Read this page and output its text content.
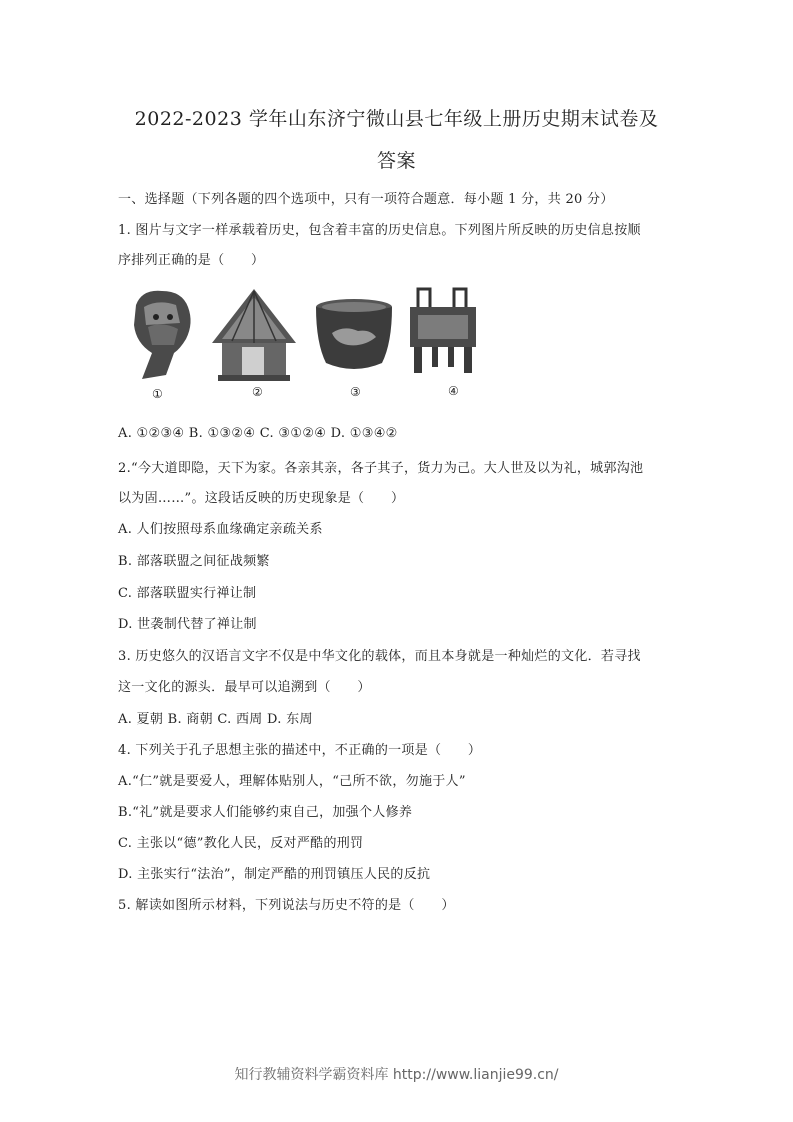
2022-2023 学年山东济宁微山县七年级上册历史期末试卷及
答案
一、选择题（下列各题的四个选项中，只有一项符合题意．每小题 1 分，共 20 分）
1. 图片与文字一样承载着历史，包含着丰富的历史信息。下列图片所反映的历史信息按顺
序排列正确的是（　　）
①	②	③	④
A. ①②③④ B. ①③②④ C. ③①②④ D. ①③④②
2.“今大道即隐，天下为家。各亲其亲，各子其子，货力为己。大人世及以为礼，城郭沟池
以为固……”。这段话反映的历史现象是（　　）
A. 人们按照母系血缘确定亲疏关系
B. 部落联盟之间征战频繁
C. 部落联盟实行禅让制
D. 世袭制代替了禅让制
3. 历史悠久的汉语言文字不仅是中华文化的载体，而且本身就是一种灿烂的文化．若寻找
这一文化的源头．最早可以追溯到（　　）
A. 夏朝 B. 商朝 C. 西周 D. 东周
4. 下列关于孔子思想主张的描述中，不正确的一项是（　　）
A.“仁”就是要爱人，理解体贴别人，“己所不欲，勿施于人”
B.“礼”就是要求人们能够约束自己，加强个人修养
C. 主张以“德”教化人民，反对严酷的刑罚
D. 主张实行“法治”，制定严酷的刑罚镇压人民的反抗
5. 解读如图所示材料，下列说法与历史不符的是（　　）
知行教辅资料学霸资料库 http://www.lianjie99.cn/
